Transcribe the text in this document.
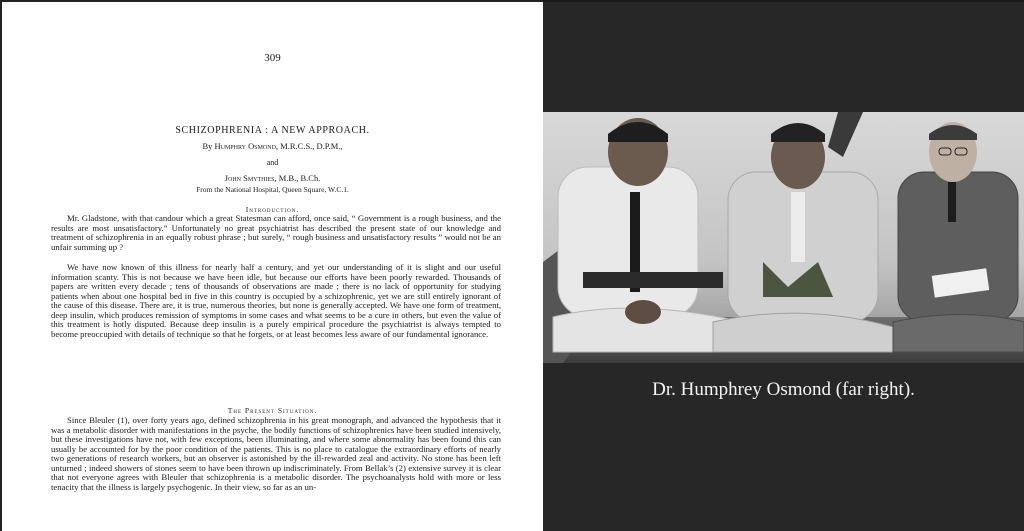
309
SCHIZOPHRENIA : A NEW APPROACH.
By Humphry Osmond, M.R.C.S., D.P.M.,
and
John Smythies, M.B., B.Ch.
From the National Hospital, Queen Square, W.C.1.
Introduction.

Mr. Gladstone, with that candour which a great Statesman can afford, once said, “ Government is a rough business, and the results are most unsatisfactory.” Unfortunately no great psychiatrist has described the present state of our knowledge and treatment of schizophrenia in an equally robust phrase ; but surely, “ rough business and unsatisfactory results ” would not be an unfair summing up ?

We have now known of this illness for nearly half a century, and yet our understanding of it is slight and our useful information scanty. This is not because we have been idle, but because our efforts have been poorly rewarded. Thousands of papers are written every decade ; tens of thousands of observations are made ; there is no lack of opportunity for studying patients when about one hospital bed in five in this country is occupied by a schizophrenic, yet we are still entirely ignorant of the cause of this disease. There are, it is true, numerous theories, but none is generally accepted. We have one form of treatment, deep insulin, which produces remission of symptoms in some cases and what seems to be a cure in others, but even the value of this treatment is hotly disputed. Because deep insulin is a purely empirical procedure the psychiatrist is always tempted to become preoccupied with details of technique so that he forgets, or at least becomes less aware of our fundamental ignorance.

The Present Situation.

Since Bleuler (1), over forty years ago, defined schizophrenia in his great monograph, and advanced the hypothesis that it was a metabolic disorder with manifestations in the psyche, the bodily functions of schizophrenics have been studied intensively, but these investigations have not, with few exceptions, been illuminating, and where some abnormality has been found this can usually be accounted for by the poor condition of the patients. This is no place to catalogue the extraordinary efforts of nearly two generations of research workers, but an observer is astonished by the ill-rewarded zeal and activity. No stone has been left unturned ; indeed showers of stones seem to have been thrown up indiscriminately. From Bellak’s (2) extensive survey it is clear that not everyone agrees with Bleuler that schizophrenia is a metabolic disorder. The psychoanalysts hold with more or less tenacity that the illness is largely psychogenic. In their view, so far as an un-

Dr. Humphrey Osmond (far right).
